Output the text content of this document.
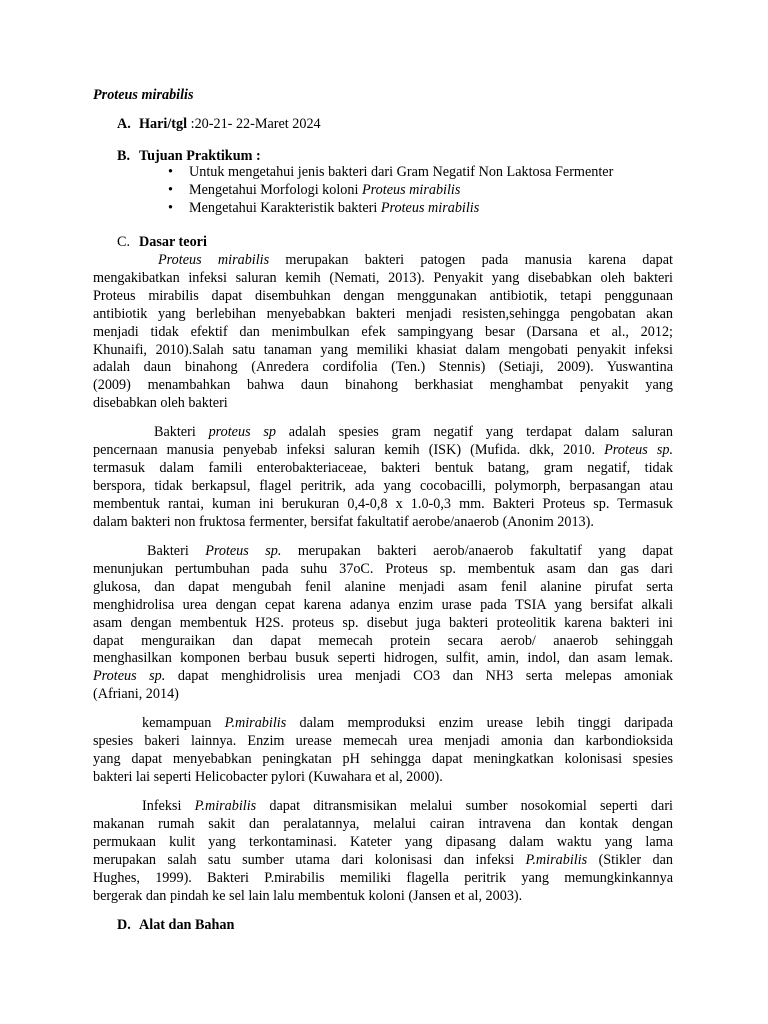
Proteus mirabilis
A. Hari/tgl :20-21- 22-Maret 2024
B. Tujuan Praktikum :
• Untuk mengetahui jenis bakteri dari Gram Negatif Non Laktosa Fermenter
• Mengetahui Morfologi koloni Proteus mirabilis
• Mengetahui Karakteristik bakteri Proteus mirabilis
C. Dasar teori

Proteus mirabilis merupakan bakteri patogen pada manusia karena dapat

mengakibatkan infeksi saluran kemih (Nemati, 2013). Penyakit yang disebabkan oleh bakteri

Proteus mirabilis dapat disembuhkan dengan menggunakan antibiotik, tetapi penggunaan

antibiotik yang berlebihan menyebabkan bakteri menjadi resisten,sehingga pengobatan akan

menjadi tidak efektif dan menimbulkan efek sampingyang besar (Darsana et al., 2012;

Khunaifi, 2010).Salah satu tanaman yang memiliki khasiat dalam mengobati penyakit infeksi

adalah daun binahong (Anredera cordifolia (Ten.) Stennis) (Setiaji, 2009). Yuswantina

(2009) menambahkan bahwa daun binahong berkhasiat menghambat penyakit yang

disebabkan oleh bakteri

Bakteri proteus sp adalah spesies gram negatif yang terdapat dalam saluran

pencernaan manusia penyebab infeksi saluran kemih (ISK) (Mufida. dkk, 2010. Proteus sp.

termasuk dalam famili enterobakteriaceae, bakteri bentuk batang, gram negatif, tidak

berspora, tidak berkapsul, flagel peritrik, ada yang cocobacilli, polymorph, berpasangan atau

membentuk rantai, kuman ini berukuran 0,4-0,8 x 1.0-0,3 mm. Bakteri Proteus sp. Termasuk

dalam bakteri non fruktosa fermenter, bersifat fakultatif aerobe/anaerob (Anonim 2013).

Bakteri Proteus sp. merupakan bakteri aerob/anaerob fakultatif yang dapat

menunjukan pertumbuhan pada suhu 37oC. Proteus sp. membentuk asam dan gas dari

glukosa, dan dapat mengubah fenil alanine menjadi asam fenil alanine pirufat serta

menghidrolisa urea dengan cepat karena adanya enzim urase pada TSIA yang bersifat alkali

asam dengan membentuk H2S. proteus sp. disebut juga bakteri proteolitik karena bakteri ini

dapat menguraikan dan dapat memecah protein secara aerob/ anaerob sehinggah

menghasilkan komponen berbau busuk seperti hidrogen, sulfit, amin, indol, dan asam lemak.

Proteus sp. dapat menghidrolisis urea menjadi CO3 dan NH3 serta melepas amoniak

(Afriani, 2014)

kemampuan P.mirabilis dalam memproduksi enzim urease lebih tinggi daripada

spesies bakeri lainnya. Enzim urease memecah urea menjadi amonia dan karbondioksida

yang dapat menyebabkan peningkatan pH sehingga dapat meningkatkan kolonisasi spesies

bakteri lai seperti Helicobacter pylori (Kuwahara et al, 2000).

Infeksi P.mirabilis dapat ditransmisikan melalui sumber nosokomial seperti dari

makanan rumah sakit dan peralatannya, melalui cairan intravena dan kontak dengan

permukaan kulit yang terkontaminasi. Kateter yang dipasang dalam waktu yang lama

merupakan salah satu sumber utama dari kolonisasi dan infeksi P.mirabilis (Stikler dan

Hughes, 1999). Bakteri P.mirabilis memiliki flagella peritrik yang memungkinkannya

bergerak dan pindah ke sel lain lalu membentuk koloni (Jansen et al, 2003).

D. Alat dan Bahan
